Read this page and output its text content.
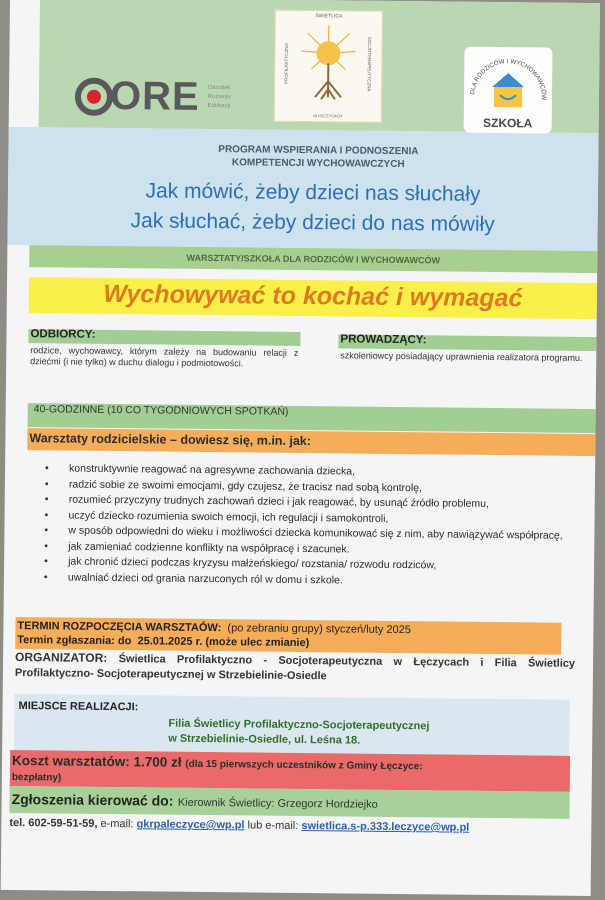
ORE Ośrodek
Rozwoju
Edukacji
ŚWIETLICA
PROFILAKTYCZNO	SOCJOTERAPEUTYCZNA
W ŁĘCZYCACH
DLA RODZICÓW I WYCHOWAWCÓW
SZKOŁA
PROGRAM WSPIERANIA I PODNOSZENIA
KOMPETENCJI WYCHOWAWCZYCH
Jak mówić, żeby dzieci nas słuchały
Jak słuchać, żeby dzieci do nas mówiły
WARSZTATY/SZKOŁA DLA RODZICÓW I WYCHOWAWCÓW
Wychowywać to kochać i wymagać
ODBIORCY:
rodzice, wychowawcy, którym zależy na budowaniu relacji z dziećmi (i nie tylko) w duchu dialogu i podmiotowości.
PROWADZĄCY:
szkoleniowcy posiadający uprawnienia realizatora programu.
40-GODZINNE (10 CO TYGODNIOWYCH SPOTKAŃ)
Warsztaty rodzicielskie – dowiesz się, m.in. jak:
• konstruktywnie reagować na agresywne zachowania dziecka,
• radzić sobie ze swoimi emocjami, gdy czujesz, że tracisz nad sobą kontrolę,
• rozumieć przyczyny trudnych zachowań dzieci i jak reagować, by usunąć źródło problemu,
• uczyć dziecko rozumienia swoich emocji, ich regulacji i samokontroli,
• w sposób odpowiedni do wieku i możliwości dziecka komunikować się z nim, aby nawiązywać współpracę,
• jak zamieniać codzienne konflikty na współpracę i szacunek.
• jak chronić dzieci podczas kryzysu małżeńskiego/ rozstania/ rozwodu rodziców,
• uwalniać dzieci od grania narzuconych ról w domu i szkole.
TERMIN ROZPOCZĘCIA WARSZTAÓW: (po zebraniu grupy) styczeń/luty 2025
Termin zgłaszania: do 25.01.2025 r. (może ulec zmianie)
ORGANIZATOR: Świetlica Profilaktyczno - Socjoterapeutyczna w Łęczycach i Filia Świetlicy Profilaktyczno- Socjoterapeutycznej w Strzebielinie-Osiedle
MIEJSCE REALIZACJI:
Filia Świetlicy Profilaktyczno-Socjoterapeutycznej
w Strzebielinie-Osiedle, ul. Leśna 18.
Koszt warsztatów: 1.700 zł (dla 15 pierwszych uczestników z Gminy Łęczyce:
bezpłatny)
Zgłoszenia kierować do: Kierownik Świetlicy: Grzegorz Hordziejko
tel. 602-59-51-59, e-mail: gkrpaleczyce@wp.pl lub e-mail: swietlica.s-p.333.leczyce@wp.pl
